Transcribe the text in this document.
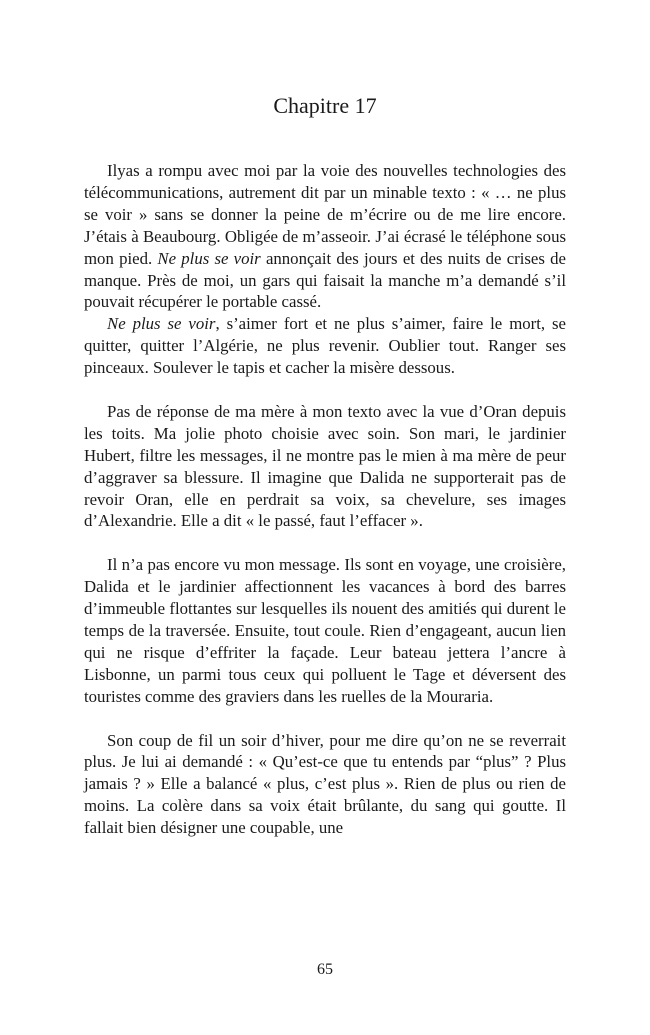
Chapitre 17

Ilyas a rompu avec moi par la voie des nouvelles technologies des télécommunications, autrement dit par un minable texto : « … ne plus se voir » sans se donner la peine de m’écrire ou de me lire encore. J’étais à Beaubourg. Obligée de m’asseoir. J’ai écrasé le téléphone sous mon pied. Ne plus se voir annonçait des jours et des nuits de crises de manque. Près de moi, un gars qui faisait la manche m’a demandé s’il pouvait récupérer le portable cassé.

Ne plus se voir, s’aimer fort et ne plus s’aimer, faire le mort, se quitter, quitter l’Algérie, ne plus revenir. Oublier tout. Ranger ses pinceaux. Soulever le tapis et cacher la misère dessous.

Pas de réponse de ma mère à mon texto avec la vue d’Oran depuis les toits. Ma jolie photo choisie avec soin. Son mari, le jardinier Hubert, filtre les messages, il ne montre pas le mien à ma mère de peur d’aggraver sa blessure. Il imagine que Dalida ne supporterait pas de revoir Oran, elle en perdrait sa voix, sa chevelure, ses images d’Alexandrie. Elle a dit « le passé, faut l’effacer ».

Il n’a pas encore vu mon message. Ils sont en voyage, une croisière, Dalida et le jardinier affectionnent les vacances à bord des barres d’immeuble flottantes sur lesquelles ils nouent des amitiés qui durent le temps de la traversée. Ensuite, tout coule. Rien d’engageant, aucun lien qui ne risque d’effriter la façade. Leur bateau jettera l’ancre à Lisbonne, un parmi tous ceux qui polluent le Tage et déversent des touristes comme des graviers dans les ruelles de la Mouraria.

Son coup de fil un soir d’hiver, pour me dire qu’on ne se reverrait plus. Je lui ai demandé : « Qu’est-ce que tu entends par “plus” ? Plus jamais ? » Elle a balancé « plus, c’est plus ». Rien de plus ou rien de moins. La colère dans sa voix était brûlante, du sang qui goutte. Il fallait bien désigner une coupable, une

65
